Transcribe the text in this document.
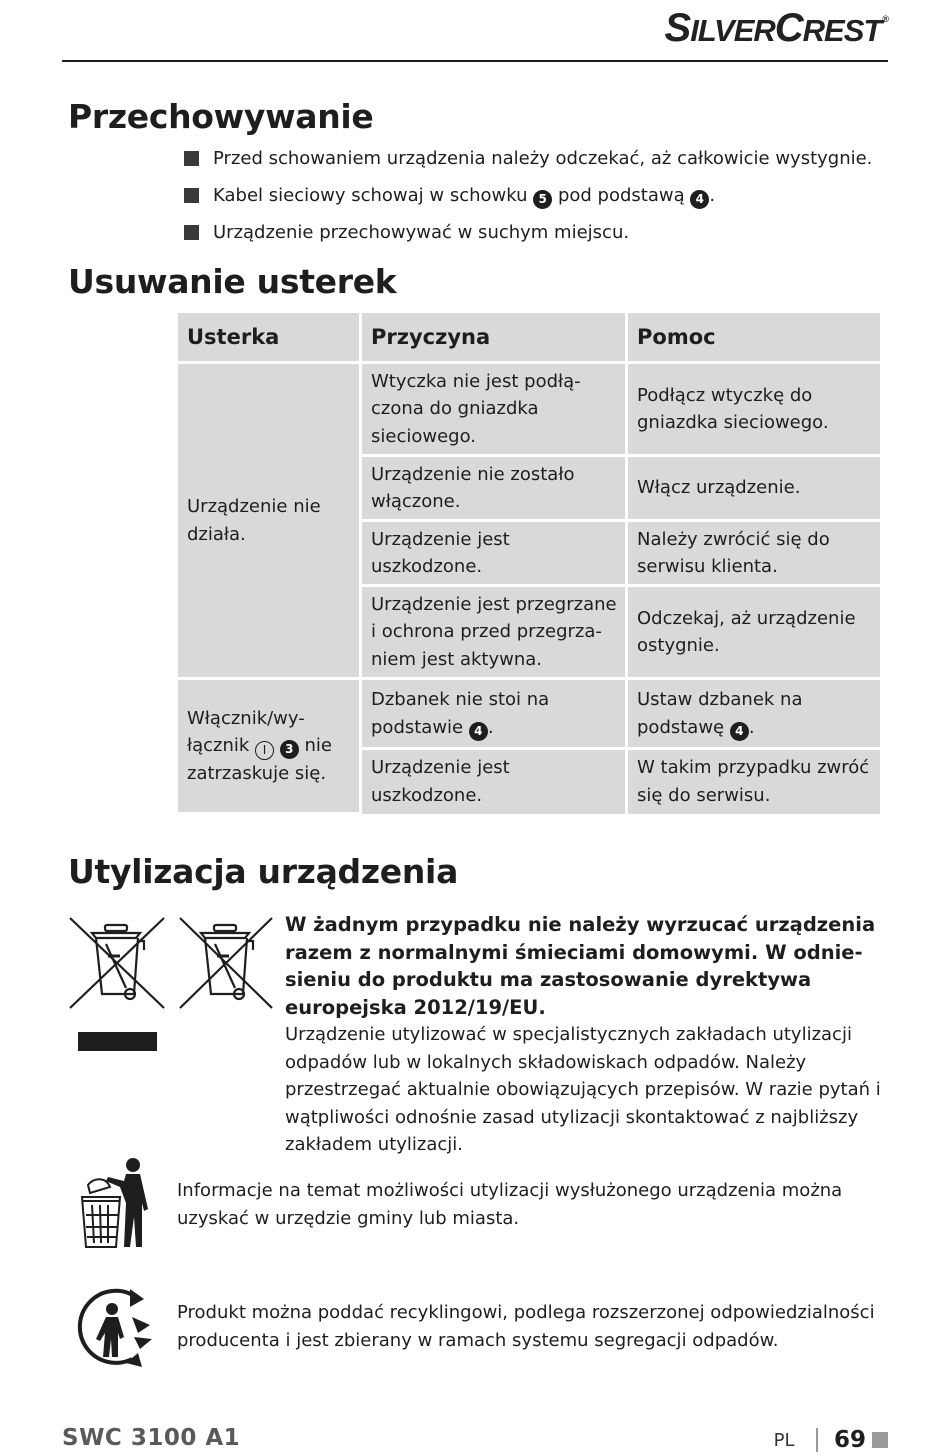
SILVERCREST®
Przechowywanie
Przed schowaniem urządzenia należy odczekać, aż całkowicie wystygnie.
Kabel sieciowy schowaj w schowku 5 pod podstawą 4 .
Urządzenie przechowywać w suchym miejscu.
Usuwanie usterek
Usterka	Przyczyna	Pomoc
Urządzenie nie działa.	Wtyczka nie jest podłą-czona do gniazdka sieciowego.	Podłącz wtyczkę do gniazdka sieciowego.
	Urządzenie nie zostało włączone.	Włącz urządzenie.
	Urządzenie jest uszkodzone.	Należy zwrócić się do serwisu klienta.
	Urządzenie jest przegrzane i ochrona przed przegrza-niem jest aktywna.	Odczekaj, aż urządzenie ostygnie.
Włącznik/wy-łącznik I 3 nie zatrzaskuje się.	Dzbanek nie stoi na podstawie 4 .	Ustaw dzbanek na podstawę 4 .
	Urządzenie jest uszkodzone.	W takim przypadku zwróć się do serwisu.
Utylizacja urządzenia

W żadnym przypadku nie należy wyrzucać urządzenia razem z normalnymi śmieciami domowymi. W odnie-sieniu do produktu ma zastosowanie dyrektywa europejska 2012/19/EU.

Urządzenie utylizować w specjalistycznych zakładach utylizacji odpadów lub w lokalnych składowiskach odpadów. Należy przestrzegać aktualnie obowiązujących przepisów. W razie pytań i wątpliwości odnośnie zasad utylizacji skontaktować z najbliższy zakładem utylizacji.

Informacje na temat możliwości utylizacji wysłużonego urządzenia można uzyskać w urzędzie gminy lub miasta.

Produkt można poddać recyklingowi, podlega rozszerzonej odpowiedzialności producenta i jest zbierany w ramach systemu segregacji odpadów.

SWC 3100 A1	PL 69
